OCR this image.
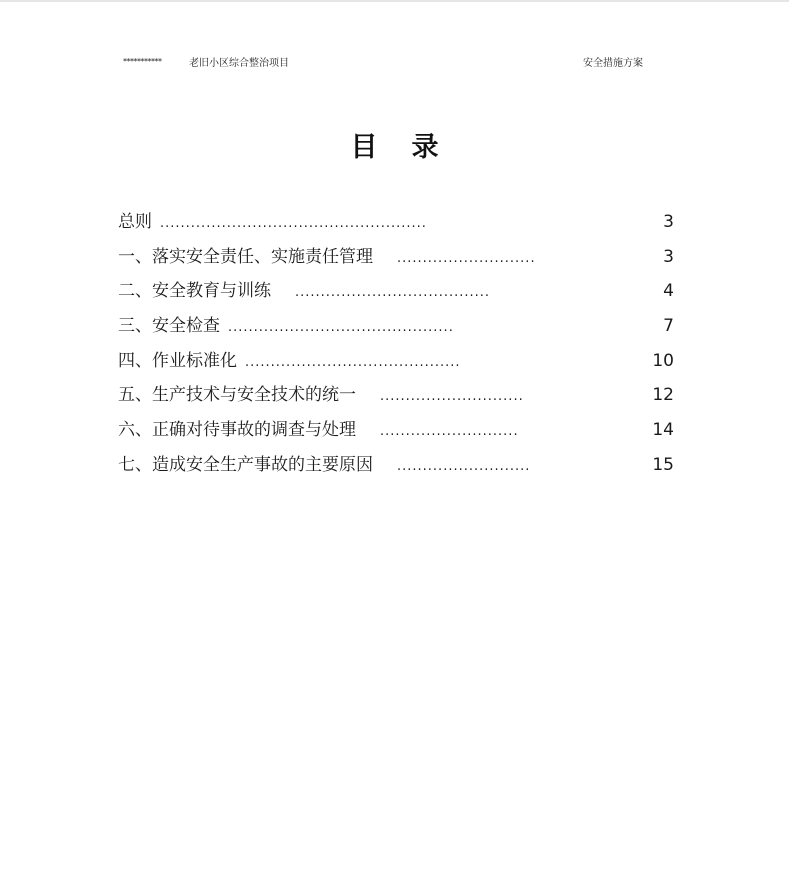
***********	老旧小区综合整治项目	安全措施方案
目录
总则 ....................................................	3
一、落实安全责任、实施责任管理 ...........................	3
二、安全教育与训练 ......................................	4
三、安全检查 ............................................	7
四、作业标准化 ..........................................	10
五、生产技术与安全技术的统一 ............................	12
六、正确对待事故的调查与处理 ...........................	14
七、造成安全生产事故的主要原因 ..........................	15
